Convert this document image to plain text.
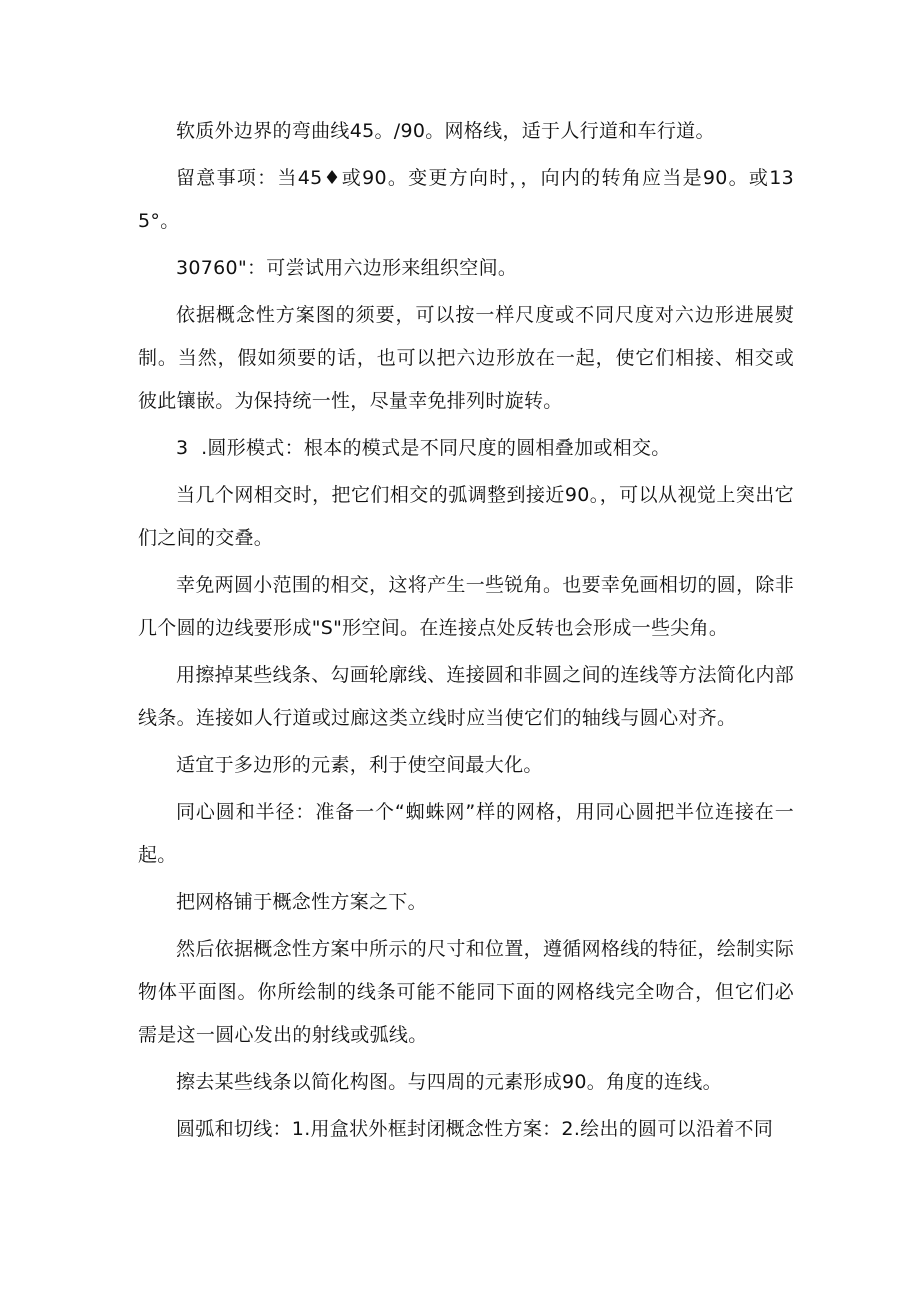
软质外边界的弯曲线45。/90。网格线，适于人行道和车行道。

留意事项：当45♦或90。变更方向时，，向内的转角应当是90。或135°。

30760"：可尝试用六边形来组织空间。

依据概念性方案图的须要，可以按一样尺度或不同尺度对六边形进展熨制。当然，假如须要的话，也可以把六边形放在一起，使它们相接、相交或彼此镶嵌。为保持统一性，尽量幸免排列时旋转。

3  .圆形模式：根本的模式是不同尺度的圆相叠加或相交。

当几个网相交时，把它们相交的弧调整到接近90。，可以从视觉上突出它们之间的交叠。

幸免两圆小范围的相交，这将产生一些锐角。也要幸免画相切的圆，除非几个圆的边线要形成"S"形空间。在连接点处反转也会形成一些尖角。

用擦掉某些线条、勾画轮廓线、连接圆和非圆之间的连线等方法简化内部线条。连接如人行道或过廊这类立线时应当使它们的轴线与圆心对齐。

适宜于多边形的元素，利于使空间最大化。

同心圆和半径：准备一个“蜘蛛网”样的网格，用同心圆把半位连接在一起。

把网格铺于概念性方案之下。

然后依据概念性方案中所示的尺寸和位置，遵循网格线的特征，绘制实际物体平面图。你所绘制的线条可能不能同下面的网格线完全吻合，但它们必需是这一圆心发出的射线或弧线。

擦去某些线条以简化构图。与四周的元素形成90。角度的连线。

圆弧和切线：1.用盒状外框封闭概念性方案：2.绘出的圆可以沿着不同
